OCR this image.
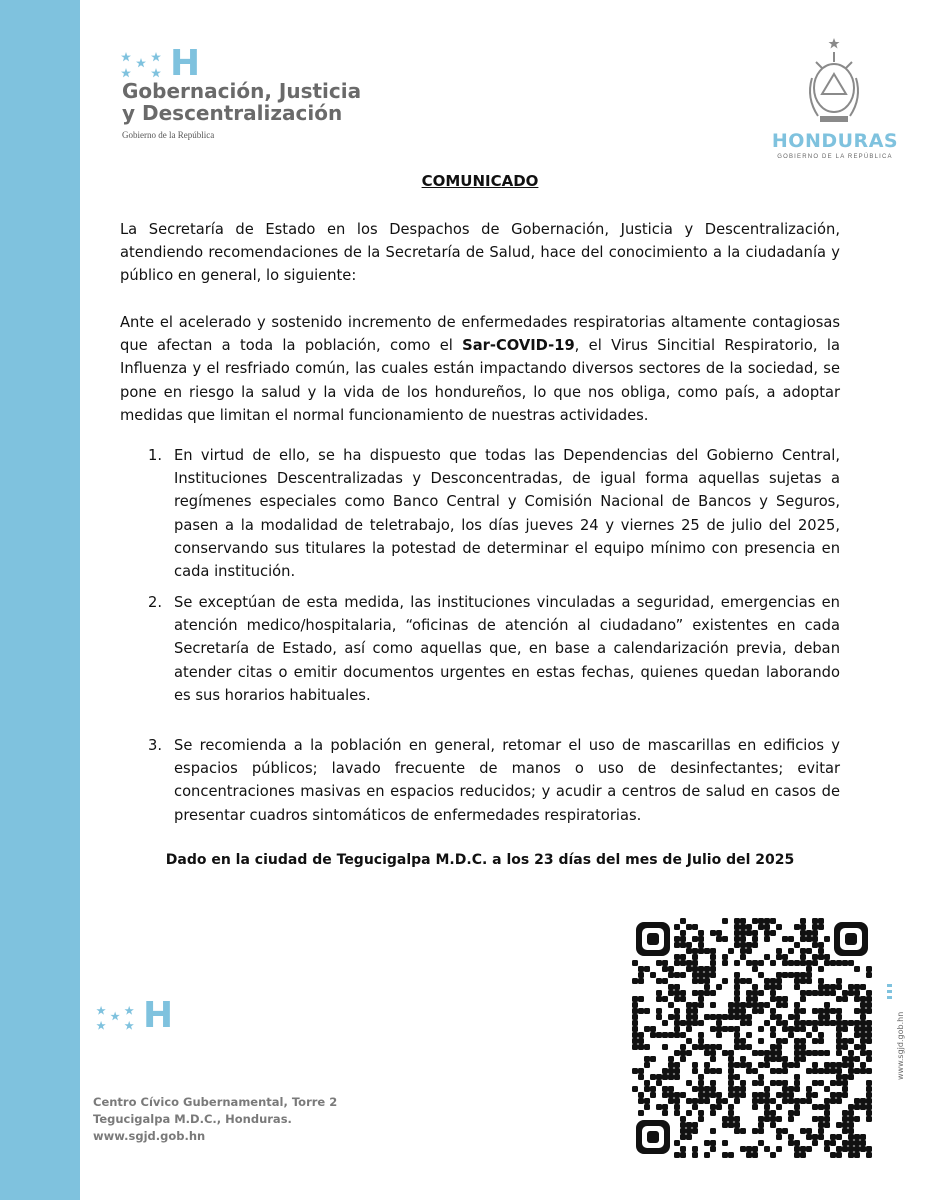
H
Gobernación, Justicia
y Descentralización
Gobierno de la República	HONDURAS
GOBIERNO DE LA REPÚBLICA
COMUNICADO

La Secretaría de Estado en los Despachos de Gobernación, Justicia y Descentralización, atendiendo recomendaciones de la Secretaría de Salud, hace del conocimiento a la ciudadanía y público en general, lo siguiente:

Ante el acelerado y sostenido incremento de enfermedades respiratorias altamente contagiosas que afectan a toda la población, como el Sar-COVID-19, el Virus Sincitial Respiratorio, la Influenza y el resfriado común, las cuales están impactando diversos sectores de la sociedad, se pone en riesgo la salud y la vida de los hondureños, lo que nos obliga, como país, a adoptar medidas que limitan el normal funcionamiento de nuestras actividades.

1. En virtud de ello, se ha dispuesto que todas las Dependencias del Gobierno Central, Instituciones Descentralizadas y Desconcentradas, de igual forma aquellas sujetas a regímenes especiales como Banco Central y Comisión Nacional de Bancos y Seguros, pasen a la modalidad de teletrabajo, los días jueves 24 y viernes 25 de julio del 2025, conservando sus titulares la potestad de determinar el equipo mínimo con presencia en cada institución.

2. Se exceptúan de esta medida, las instituciones vinculadas a seguridad, emergencias en atención medico/hospitalaria, “oficinas de atención al ciudadano” existentes en cada Secretaría de Estado, así como aquellas que, en base a calendarización previa, deban atender citas o emitir documentos urgentes en estas fechas, quienes quedan laborando es sus horarios habituales.

3. Se recomienda a la población en general, retomar el uso de mascarillas en edificios y espacios públicos; lavado frecuente de manos o uso de desinfectantes; evitar concentraciones masivas en espacios reducidos; y acudir a centros de salud en casos de presentar cuadros sintomáticos de enfermedades respiratorias.

Dado en la ciudad de Tegucigalpa M.D.C. a los 23 días del mes de Julio del 2025
H
Centro Cívico Gubernamental, Torre 2
Tegucigalpa M.D.C., Honduras.
www.sgjd.gob.hn
www.sgjd.gob.hn
